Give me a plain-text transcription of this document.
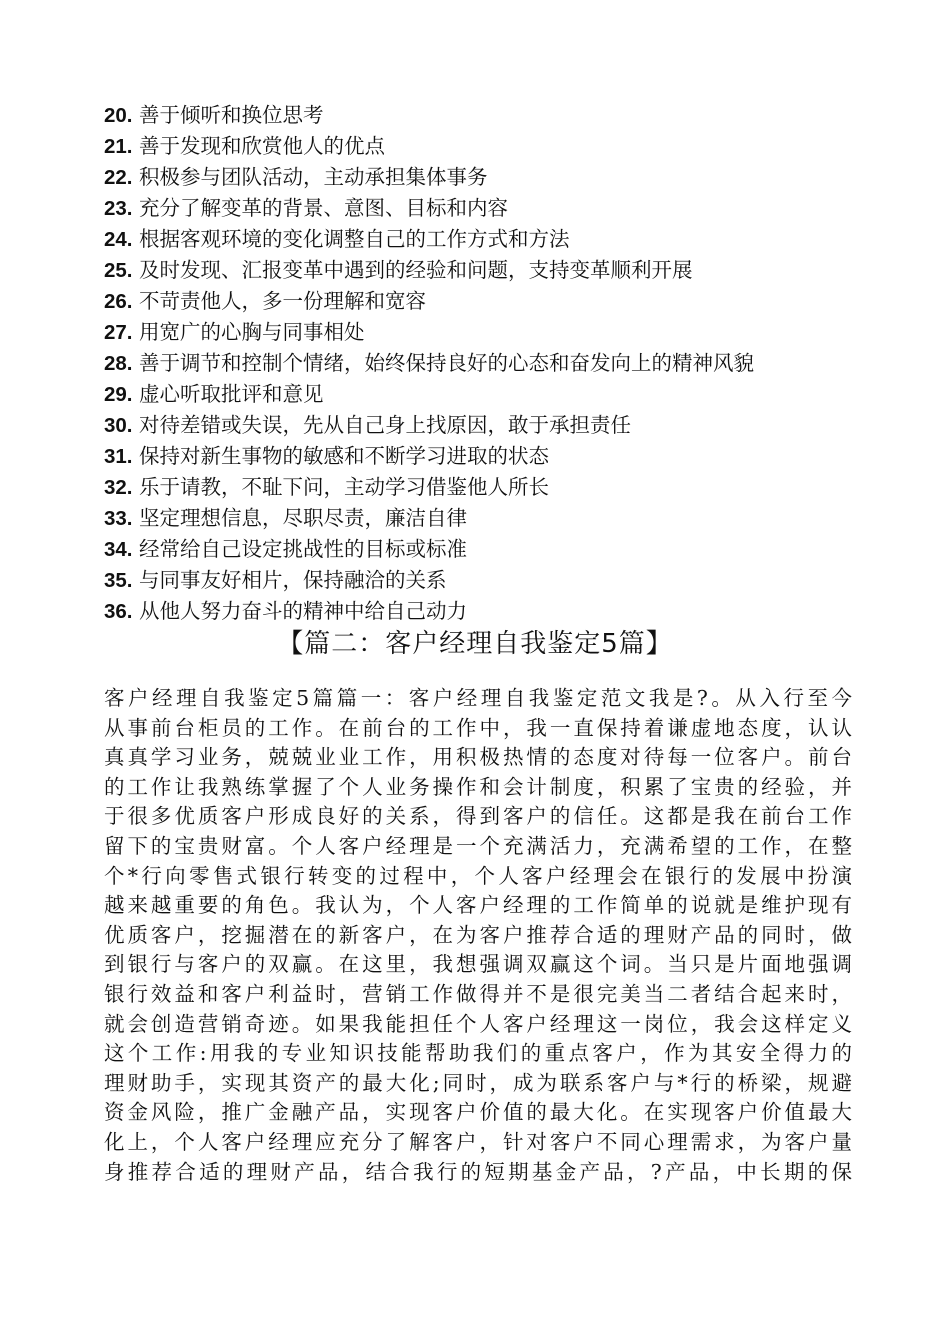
20. 善于倾听和换位思考
21. 善于发现和欣赏他人的优点
22. 积极参与团队活动，主动承担集体事务
23. 充分了解变革的背景、意图、目标和内容
24. 根据客观环境的变化调整自己的工作方式和方法
25. 及时发现、汇报变革中遇到的经验和问题，支持变革顺利开展
26. 不苛责他人，多一份理解和宽容
27. 用宽广的心胸与同事相处
28. 善于调节和控制个情绪，始终保持良好的心态和奋发向上的精神风貌
29. 虚心听取批评和意见
30. 对待差错或失误，先从自己身上找原因，敢于承担责任
31. 保持对新生事物的敏感和不断学习进取的状态
32. 乐于请教，不耻下问，主动学习借鉴他人所长
33. 坚定理想信息，尽职尽责，廉洁自律
34. 经常给自己设定挑战性的目标或标准
35. 与同事友好相片，保持融洽的关系
36. 从他人努力奋斗的精神中给自己动力
【篇二：客户经理自我鉴定5篇】
客户经理自我鉴定5篇篇一：客户经理自我鉴定范文我是?。从入行至今
从事前台柜员的工作。在前台的工作中，我一直保持着谦虚地态度，认认
真真学习业务，兢兢业业工作，用积极热情的态度对待每一位客户。前台
的工作让我熟练掌握了个人业务操作和会计制度，积累了宝贵的经验，并
于很多优质客户形成良好的关系，得到客户的信任。这都是我在前台工作
留下的宝贵财富。个人客户经理是一个充满活力，充满希望的工作，在整
个*行向零售式银行转变的过程中，个人客户经理会在银行的发展中扮演
越来越重要的角色。我认为，个人客户经理的工作简单的说就是维护现有
优质客户，挖掘潜在的新客户，在为客户推荐合适的理财产品的同时，做
到银行与客户的双赢。在这里，我想强调双赢这个词。当只是片面地强调
银行效益和客户利益时，营销工作做得并不是很完美当二者结合起来时，
就会创造营销奇迹。如果我能担任个人客户经理这一岗位，我会这样定义
这个工作:用我的专业知识技能帮助我们的重点客户，作为其安全得力的
理财助手，实现其资产的最大化;同时，成为联系客户与*行的桥梁，规避
资金风险，推广金融产品，实现客户价值的最大化。在实现客户价值最大
化上，个人客户经理应充分了解客户，针对客户不同心理需求，为客户量
身推荐合适的理财产品，结合我行的短期基金产品，?产品，中长期的保
